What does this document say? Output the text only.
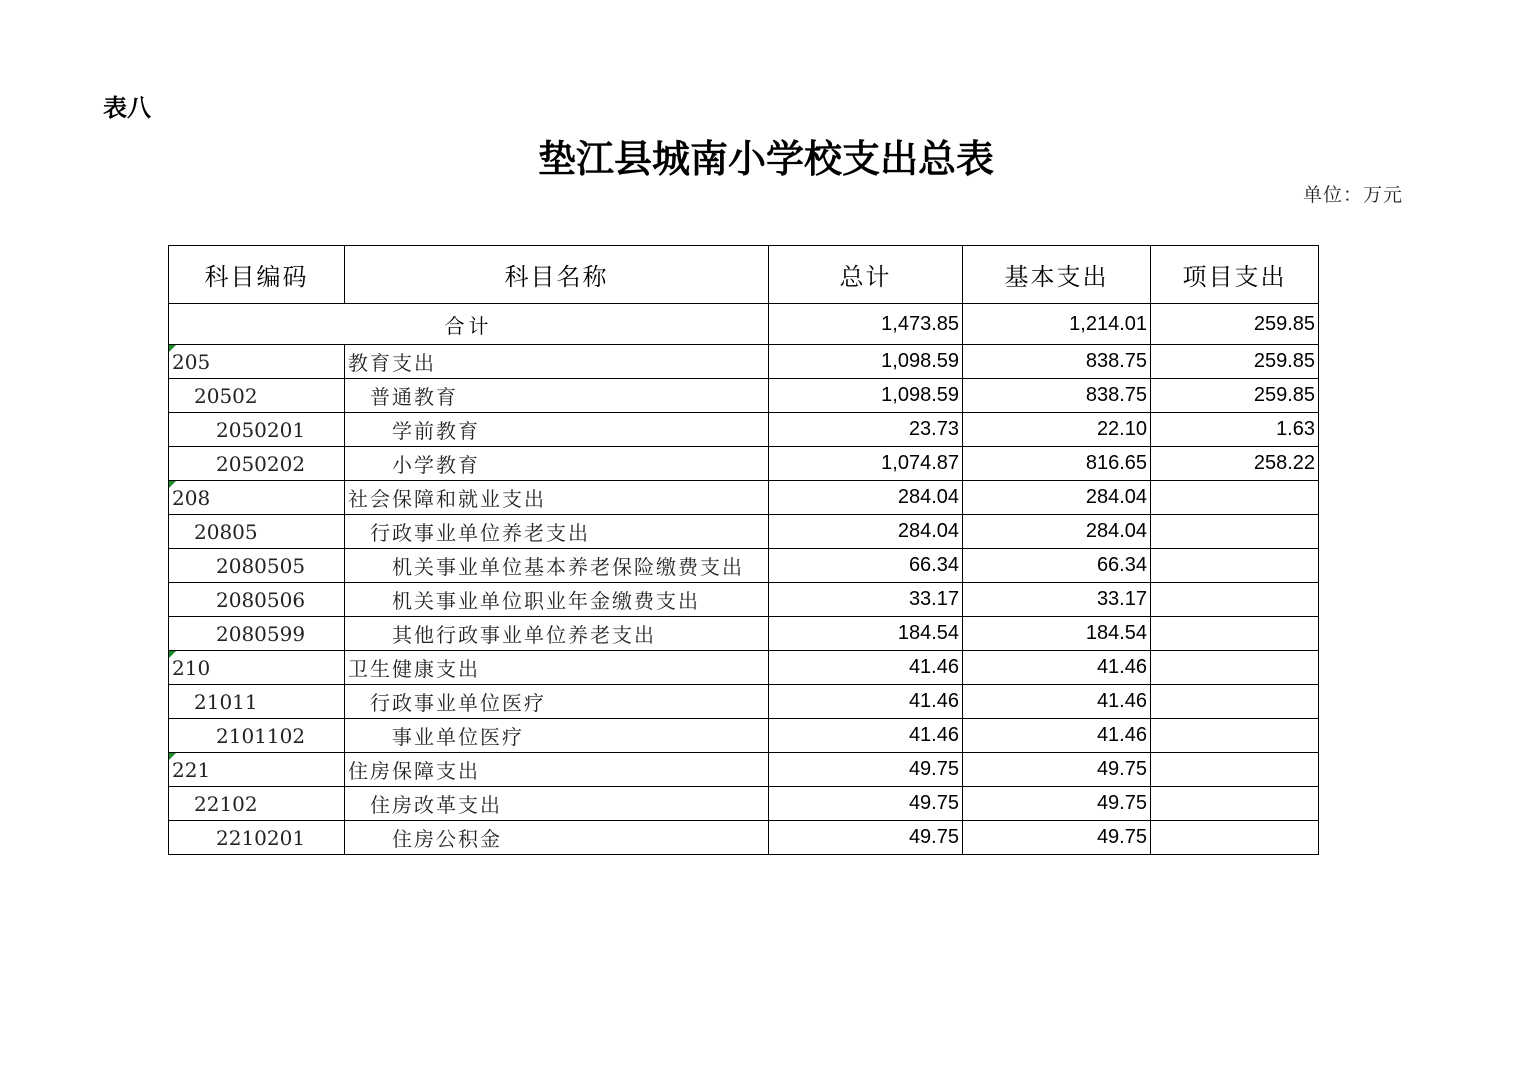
表八
垫江县城南小学校支出总表
单位：万元
科目编码	科目名称	总计	基本支出	项目支出
合计		1,473.85	1,214.01	259.85

205	教育支出	1,098.59	838.75	259.85
20502	普通教育	1,098.59	838.75	259.85
2050201	学前教育	23.73	22.10	1.63
2050202	小学教育	1,074.87	816.65	258.22

208	社会保障和就业支出	284.04	284.04	
20805	行政事业单位养老支出	284.04	284.04	
2080505	机关事业单位基本养老保险缴费支出	66.34	66.34	
2080506	机关事业单位职业年金缴费支出	33.17	33.17	
2080599	其他行政事业单位养老支出	184.54	184.54	

210	卫生健康支出	41.46	41.46	
21011	行政事业单位医疗	41.46	41.46	
2101102	事业单位医疗	41.46	41.46	

221	住房保障支出	49.75	49.75	
22102	住房改革支出	49.75	49.75	
2210201	住房公积金	49.75	49.75	
